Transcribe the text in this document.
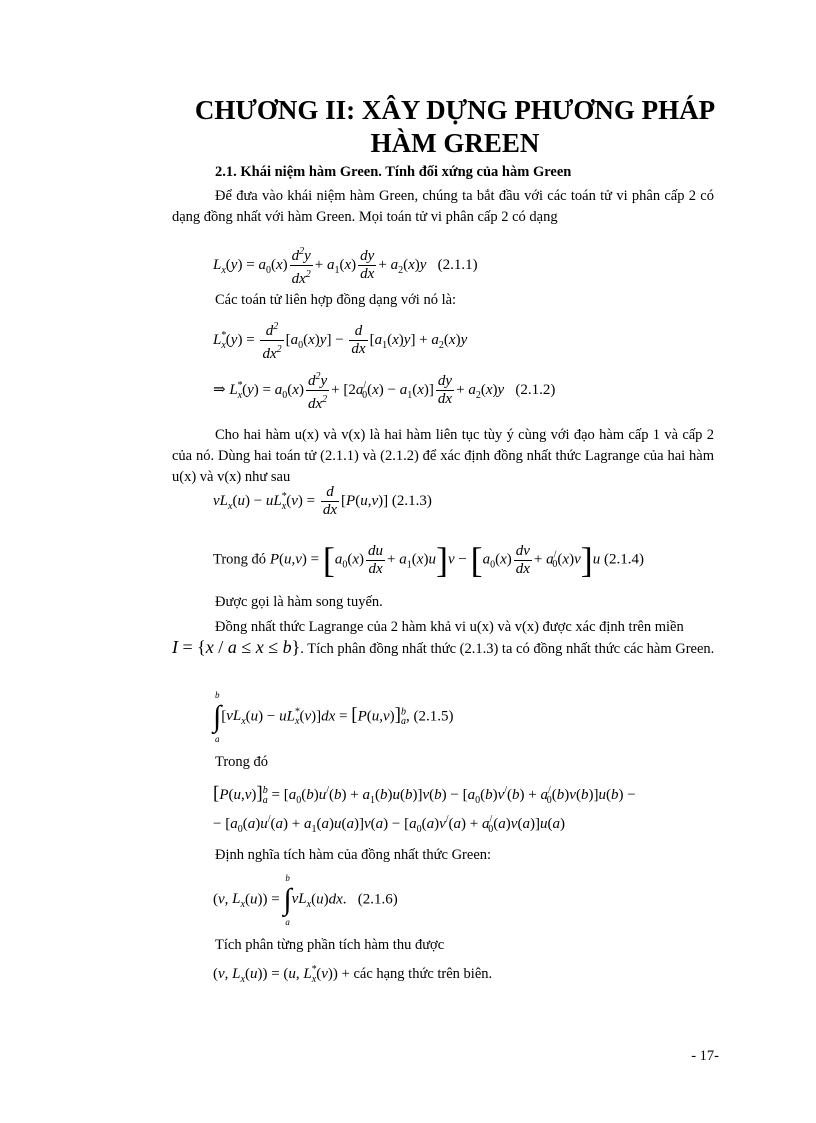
CHƯƠNG II: XÂY DỰNG PHƯƠNG PHÁP HÀM GREEN
2.1. Khái niệm hàm Green. Tính đối xứng của hàm Green
Để đưa vào khái niệm hàm Green, chúng ta bắt đầu với các toán tử vi phân cấp 2 có dạng đồng nhất với hàm Green. Mọi toán tử vi phân cấp 2 có dạng
$L_x(y) = a_0(x) \frac{d^2y}{dx^2} + a_1(x) \frac{dy}{dx} + a_2(x)y$ (2.1.1)
Các toán tử liên hợp đồng dạng với nó là:
$L^*_x(y) = \frac{d^2}{dx^2} [a_0(x)y] - \frac{d}{dx} [a_1(x)y] + a_2(x)y$
⇒ $L^*_x(y) = a_0(x) \frac{d^2y}{dx^2} + [2a^/_0(x) - a_1(x)] \frac{dy}{dx} + a_2(x)y$ (2.1.2)
Cho hai hàm u(x) và v(x) là hai hàm liên tục tùy ý cùng với đạo hàm cấp 1 và cấp 2 của nó. Dùng hai toán tử (2.1.1) và (2.1.2) để xác định đồng nhất thức Lagrange của hai hàm u(x) và v(x) như sau
$vL_x(u) - uL^*_x(v) = \frac{d}{dx} [P(u,v)]$ (2.1.3)
Trong đó $P(u,v) = [a_0(x) \frac{du}{dx} + a_1(x)u]v - [a_0(x) \frac{dv}{dx} + a^/_0(x)v]u$ (2.1.4)
Được gọi là hàm song tuyến.
Đồng nhất thức Lagrange của 2 hàm khả vi u(x) và v(x) được xác định trên miền
I = {x / a ≤ x ≤ b}. Tích phân đồng nhất thức (2.1.3) ta có đồng nhất thức các hàm Green.
∫
b
a
$[vL_x(u) - uL^*_x(v)]dx = [P(u,v)]^b_a$, (2.1.5)
Trong đó
$[P(u,v)]^b_a = [a_0(b)u^/(b) + a_1(b)u(b)]v(b) - [a_0(b)v^/(b) + a^/_0(b)v(b)]u(b)$ −
− $[a_0(a)u^/(a) + a_1(a)u(a)]v(a) - [a_0(a)v^/(a) + a^/_0(a)v(a)]u(a)$
Định nghĩa tích hàm của đồng nhất thức Green:
(v, $L_x(u)$) = ∫
b
a
$vL_x(u)dx$.   (2.1.6)
Tích phân từng phần tích hàm thu được
(v, $L_x(u)) = (u$, $L^*_x(v)$) + các hạng thức trên biên.
- 17-
